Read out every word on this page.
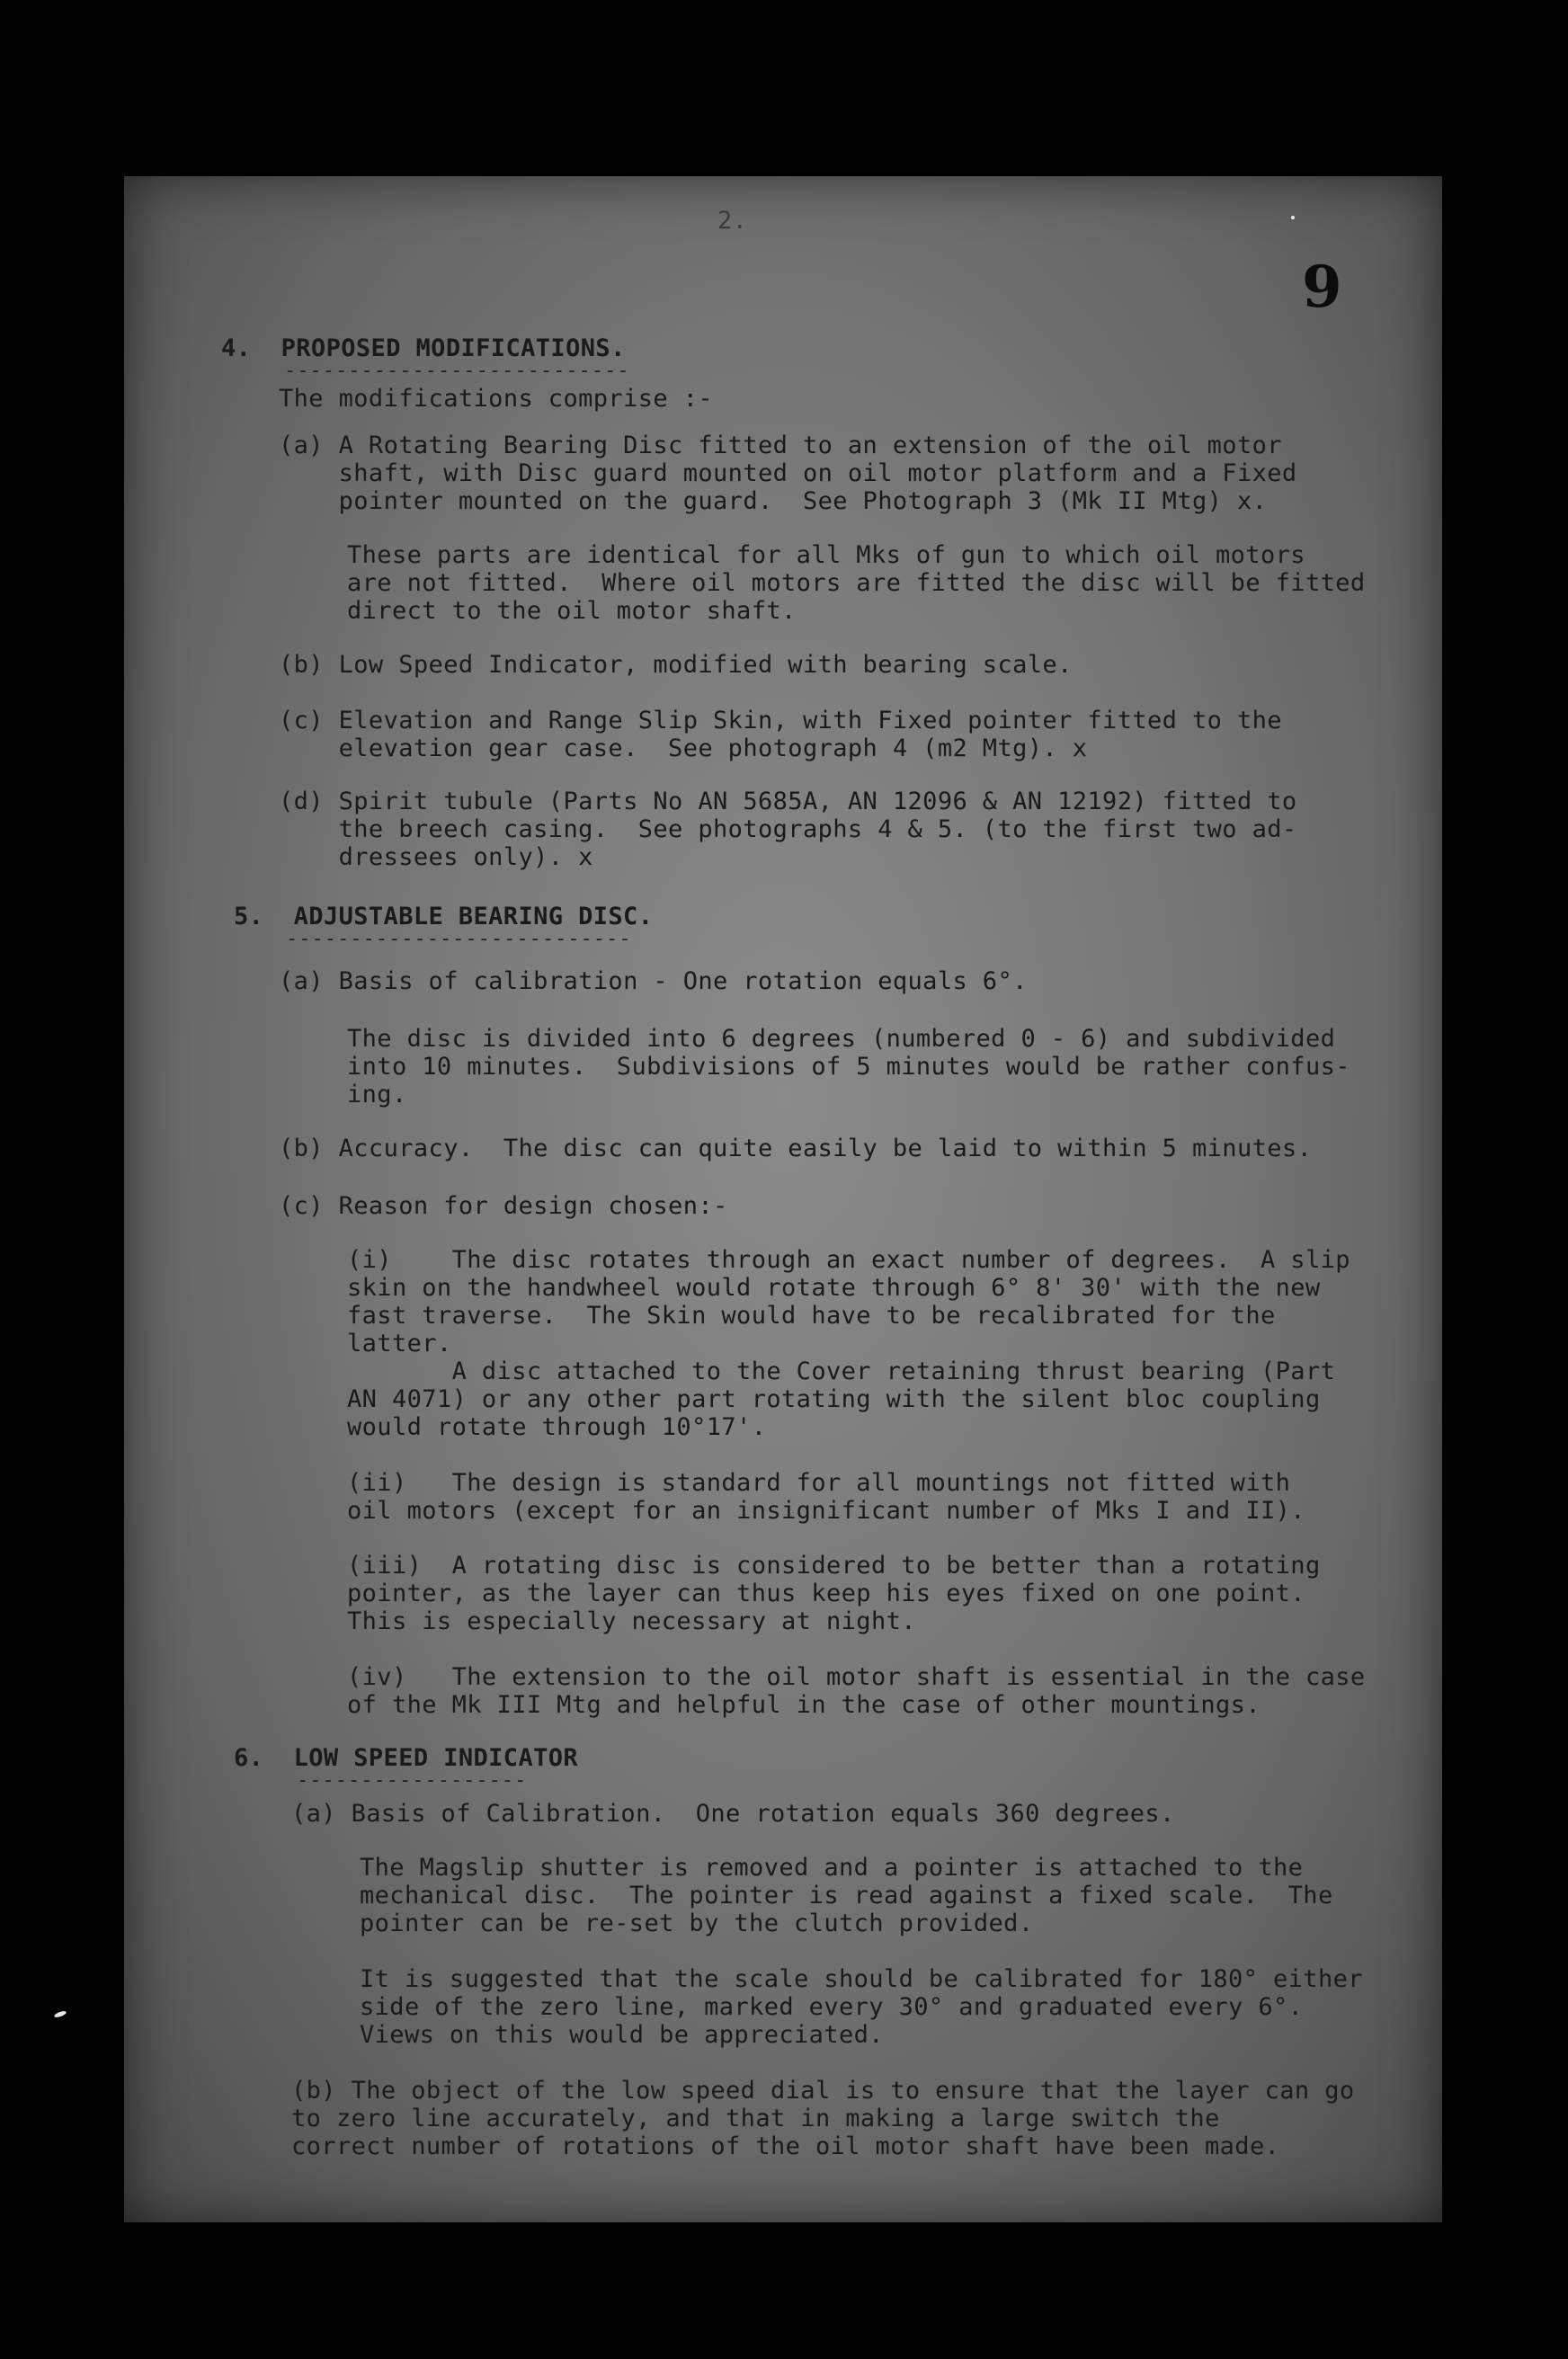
2.
9
4.  PROPOSED MODIFICATIONS.
---------------------------
The modifications comprise :-
(a) A Rotating Bearing Disc fitted to an extension of the oil motor
shaft, with Disc guard mounted on oil motor platform and a Fixed
pointer mounted on the guard.  See Photograph 3 (Mk II Mtg) x.
These parts are identical for all Mks of gun to which oil motors
are not fitted.  Where oil motors are fitted the disc will be fitted
direct to the oil motor shaft.
(b) Low Speed Indicator, modified with bearing scale.
(c) Elevation and Range Slip Skin, with Fixed pointer fitted to the
elevation gear case.  See photograph 4 (m2 Mtg). x
(d) Spirit tubule (Parts No AN 5685A, AN 12096 & AN 12192) fitted to
the breech casing.  See photographs 4 & 5. (to the first two ad-
dressees only). x
5.  ADJUSTABLE BEARING DISC.
---------------------------
(a) Basis of calibration - One rotation equals 6°.
The disc is divided into 6 degrees (numbered 0 - 6) and subdivided
into 10 minutes.  Subdivisions of 5 minutes would be rather confus-
ing.
(b) Accuracy.  The disc can quite easily be laid to within 5 minutes.
(c) Reason for design chosen:-
(i)    The disc rotates through an exact number of degrees.  A slip
skin on the handwheel would rotate through 6° 8' 30' with the new
fast traverse.  The Skin would have to be recalibrated for the
latter.
A disc attached to the Cover retaining thrust bearing (Part
AN 4071) or any other part rotating with the silent bloc coupling
would rotate through 10°17'.
(ii)   The design is standard for all mountings not fitted with
oil motors (except for an insignificant number of Mks I and II).
(iii)  A rotating disc is considered to be better than a rotating
pointer, as the layer can thus keep his eyes fixed on one point.
This is especially necessary at night.
(iv)   The extension to the oil motor shaft is essential in the case
of the Mk III Mtg and helpful in the case of other mountings.
6.  LOW SPEED INDICATOR
------------------
(a) Basis of Calibration.  One rotation equals 360 degrees.
The Magslip shutter is removed and a pointer is attached to the
mechanical disc.  The pointer is read against a fixed scale.  The
pointer can be re-set by the clutch provided.
It is suggested that the scale should be calibrated for 180° either
side of the zero line, marked every 30° and graduated every 6°.
Views on this would be appreciated.
(b) The object of the low speed dial is to ensure that the layer can go
to zero line accurately, and that in making a large switch the
correct number of rotations of the oil motor shaft have been made.
